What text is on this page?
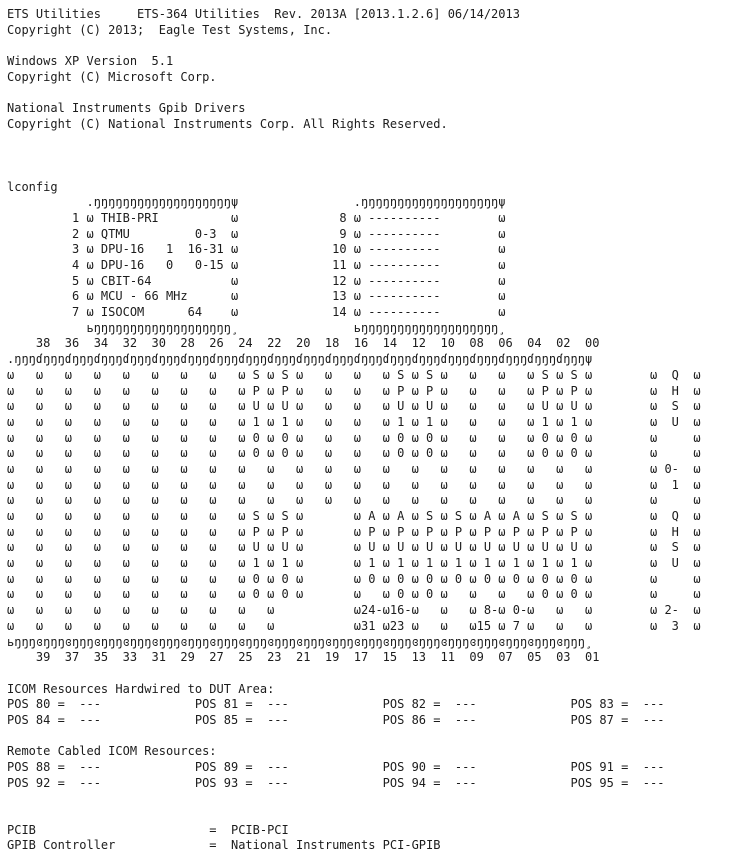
ETS Utilities     ETS-364 Utilities  Rev. 2013A [2013.1.2.6] 06/14/2013
Copyright (C) 2013;  Eagle Test Systems, Inc.
Windows XP Version  5.1
Copyright (C) Microsoft Corp.
National Instruments Gpib Drivers
Copyright (C) National Instruments Corp. All Rights Reserved.
lconfig
.ŋŋŋŋŋŋŋŋŋŋŋŋŋŋŋŋŋŋŋψ                .ŋŋŋŋŋŋŋŋŋŋŋŋŋŋŋŋŋŋŋψ
1 ω THIB-PRI          ω              8 ω ----------        ω
2 ω QTMU         0-3  ω              9 ω ----------        ω
3 ω DPU-16   1  16-31 ω             10 ω ----------        ω
4 ω DPU-16   0   0-15 ω             11 ω ----------        ω
5 ω CBIT-64           ω             12 ω ----------        ω
6 ω MCU - 66 MHz      ω             13 ω ----------        ω
7 ω ISOCOM      64    ω             14 ω ----------        ω
ьŋŋŋŋŋŋŋŋŋŋŋŋŋŋŋŋŋŋŋ¸                ьŋŋŋŋŋŋŋŋŋŋŋŋŋŋŋŋŋŋŋ¸
38  36  34  32  30  28  26  24  22  20  18  16  14  12  10  08  06  04  02  00
.ŋŋŋɗŋŋŋɗŋŋŋɗŋŋŋɗŋŋŋɗŋŋŋɗŋŋŋɗŋŋŋɗŋŋŋɗŋŋŋɗŋŋŋɗŋŋŋɗŋŋŋɗŋŋŋɗŋŋŋɗŋŋŋɗŋŋŋɗŋŋŋɗŋŋŋɗŋŋŋψ
ω   ω   ω   ω   ω   ω   ω   ω   ω S ω S ω   ω   ω   ω S ω S ω   ω   ω   ω S ω S ω        ω  Q  ω
ω   ω   ω   ω   ω   ω   ω   ω   ω P ω P ω   ω   ω   ω P ω P ω   ω   ω   ω P ω P ω        ω  H  ω
ω   ω   ω   ω   ω   ω   ω   ω   ω U ω U ω   ω   ω   ω U ω U ω   ω   ω   ω U ω U ω        ω  S  ω
ω   ω   ω   ω   ω   ω   ω   ω   ω 1 ω 1 ω   ω   ω   ω 1 ω 1 ω   ω   ω   ω 1 ω 1 ω        ω  U  ω
ω   ω   ω   ω   ω   ω   ω   ω   ω 0 ω 0 ω   ω   ω   ω 0 ω 0 ω   ω   ω   ω 0 ω 0 ω        ω     ω
ω   ω   ω   ω   ω   ω   ω   ω   ω 0 ω 0 ω   ω   ω   ω 0 ω 0 ω   ω   ω   ω 0 ω 0 ω        ω     ω
ω   ω   ω   ω   ω   ω   ω   ω   ω   ω   ω   ω   ω   ω   ω   ω   ω   ω   ω   ω   ω        ω 0-  ω
ω   ω   ω   ω   ω   ω   ω   ω   ω   ω   ω   ω   ω   ω   ω   ω   ω   ω   ω   ω   ω        ω  1  ω
ω   ω   ω   ω   ω   ω   ω   ω   ω   ω   ω   ω   ω   ω   ω   ω   ω   ω   ω   ω   ω        ω     ω
ω   ω   ω   ω   ω   ω   ω   ω   ω S ω S ω       ω A ω A ω S ω S ω A ω A ω S ω S ω        ω  Q  ω
ω   ω   ω   ω   ω   ω   ω   ω   ω P ω P ω       ω P ω P ω P ω P ω P ω P ω P ω P ω        ω  H  ω
ω   ω   ω   ω   ω   ω   ω   ω   ω U ω U ω       ω U ω U ω U ω U ω U ω U ω U ω U ω        ω  S  ω
ω   ω   ω   ω   ω   ω   ω   ω   ω 1 ω 1 ω       ω 1 ω 1 ω 1 ω 1 ω 1 ω 1 ω 1 ω 1 ω        ω  U  ω
ω   ω   ω   ω   ω   ω   ω   ω   ω 0 ω 0 ω       ω 0 ω 0 ω 0 ω 0 ω 0 ω 0 ω 0 ω 0 ω        ω     ω
ω   ω   ω   ω   ω   ω   ω   ω   ω 0 ω 0 ω       ω   ω 0 ω 0 ω   ω   ω   ω 0 ω 0 ω        ω     ω
ω   ω   ω   ω   ω   ω   ω   ω   ω   ω           ω24-ω16-ω   ω   ω 8-ω 0-ω   ω   ω        ω 2-  ω
ω   ω   ω   ω   ω   ω   ω   ω   ω   ω           ω31 ω23 ω   ω   ω15 ω 7 ω   ω   ω        ω  3  ω
ьŋŋŋɞŋŋŋɞŋŋŋɞŋŋŋɞŋŋŋɞŋŋŋɞŋŋŋɞŋŋŋɞŋŋŋɞŋŋŋɞŋŋŋɞŋŋŋɞŋŋŋɞŋŋŋɞŋŋŋɞŋŋŋɞŋŋŋɞŋŋŋɞŋŋŋɞŋŋŋ¸
39  37  35  33  31  29  27  25  23  21  19  17  15  13  11  09  07  05  03  01
ICOM Resources Hardwired to DUT Area:
POS 80 =  ---             POS 81 =  ---             POS 82 =  ---             POS 83 =  ---
POS 84 =  ---             POS 85 =  ---             POS 86 =  ---             POS 87 =  ---
Remote Cabled ICOM Resources:
POS 88 =  ---             POS 89 =  ---             POS 90 =  ---             POS 91 =  ---
POS 92 =  ---             POS 93 =  ---             POS 94 =  ---             POS 95 =  ---
PCIB                        =  PCIB-PCI
GPIB Controller             =  National Instruments PCI-GPIB
